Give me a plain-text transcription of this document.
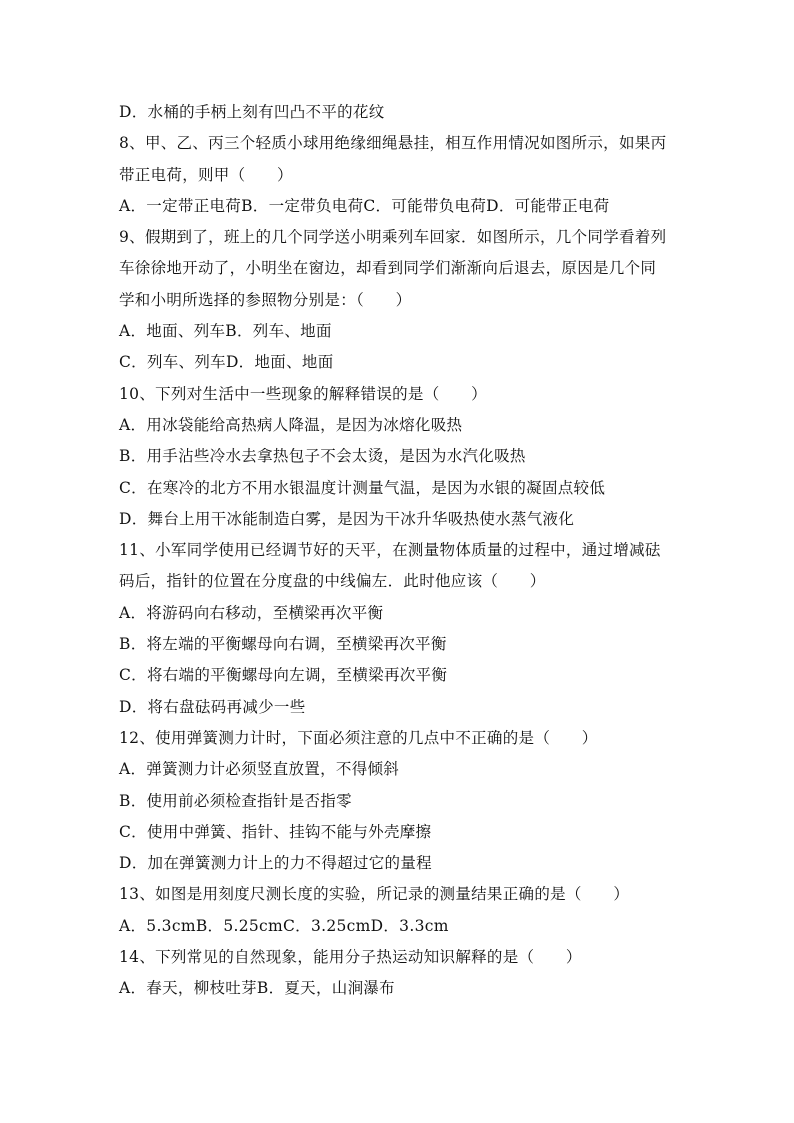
D．水桶的手柄上刻有凹凸不平的花纹
8、甲、乙、丙三个轻质小球用绝缘细绳悬挂，相互作用情况如图所示，如果丙
带正电荷，则甲（　　）
A．一定带正电荷B．一定带负电荷C．可能带负电荷D．可能带正电荷
9、假期到了，班上的几个同学送小明乘列车回家．如图所示，几个同学看着列
车徐徐地开动了，小明坐在窗边，却看到同学们渐渐向后退去，原因是几个同
学和小明所选择的参照物分别是：（　　）
A．地面、列车B．列车、地面
C．列车、列车D．地面、地面
10、下列对生活中一些现象的解释错误的是（　　）
A．用冰袋能给高热病人降温，是因为冰熔化吸热
B．用手沾些冷水去拿热包子不会太烫，是因为水汽化吸热
C．在寒冷的北方不用水银温度计测量气温，是因为水银的凝固点较低
D．舞台上用干冰能制造白雾，是因为干冰升华吸热使水蒸气液化
11、小军同学使用已经调节好的天平，在测量物体质量的过程中，通过增减砝
码后，指针的位置在分度盘的中线偏左．此时他应该（　　）
A．将游码向右移动，至横梁再次平衡
B．将左端的平衡螺母向右调，至横梁再次平衡
C．将右端的平衡螺母向左调，至横梁再次平衡
D．将右盘砝码再减少一些
12、使用弹簧测力计时，下面必须注意的几点中不正确的是（　　）
A．弹簧测力计必须竖直放置，不得倾斜
B．使用前必须检查指针是否指零
C．使用中弹簧、指针、挂钩不能与外壳摩擦
D．加在弹簧测力计上的力不得超过它的量程
13、如图是用刻度尺测长度的实验，所记录的测量结果正确的是（　　）
A．5.3cmB．5.25cmC．3.25cmD．3.3cm
14、下列常见的自然现象，能用分子热运动知识解释的是（　　）
A．春天，柳枝吐芽B．夏天，山涧瀑布
